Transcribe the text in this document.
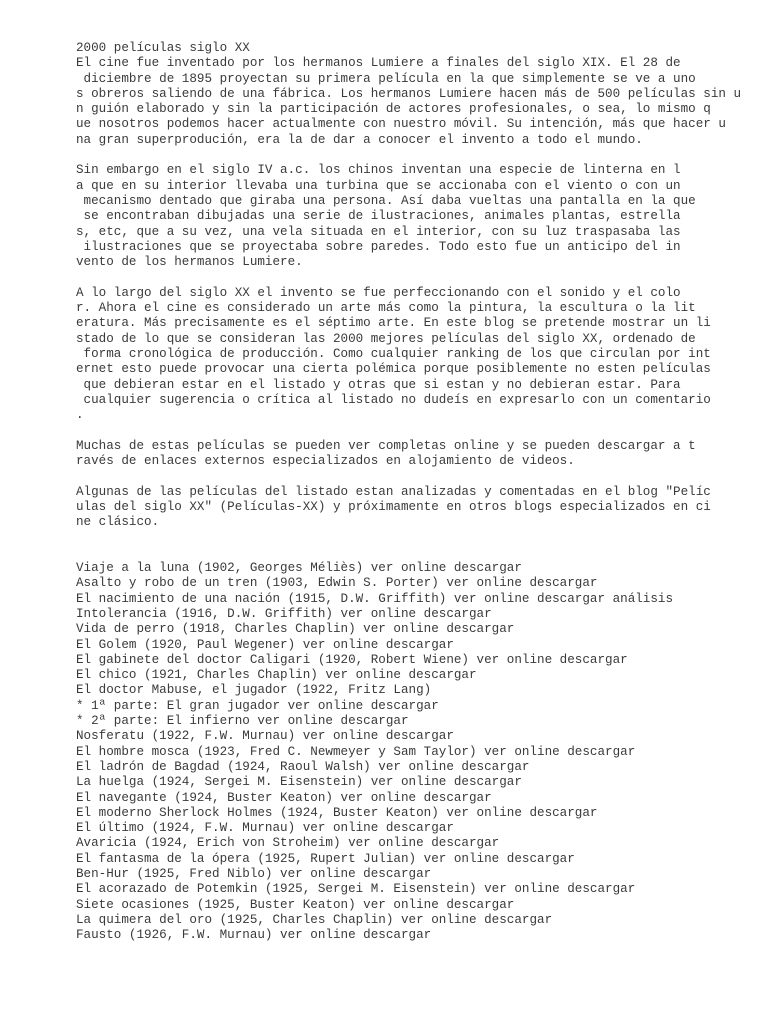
2000 películas siglo XX
El cine fue inventado por los hermanos Lumiere a finales del siglo XIX. El 28 de
diciembre de 1895 proyectan su primera película en la que simplemente se ve a uno
s obreros saliendo de una fábrica. Los hermanos Lumiere hacen más de 500 películas sin u
n guión elaborado y sin la participación de actores profesionales, o sea, lo mismo q
ue nosotros podemos hacer actualmente con nuestro móvil. Su intención, más que hacer u
na gran superprodución, era la de dar a conocer el invento a todo el mundo.
Sin embargo en el siglo IV a.c. los chinos inventan una especie de linterna en l
a que en su interior llevaba una turbina que se accionaba con el viento o con un
mecanismo dentado que giraba una persona. Así daba vueltas una pantalla en la que
se encontraban dibujadas una serie de ilustraciones, animales plantas, estrella
s, etc, que a su vez, una vela situada en el interior, con su luz traspasaba las
ilustraciones que se proyectaba sobre paredes. Todo esto fue un anticipo del in
vento de los hermanos Lumiere.
A lo largo del siglo XX el invento se fue perfeccionando con el sonido y el colo
r. Ahora el cine es considerado un arte más como la pintura, la escultura o la lit
eratura. Más precisamente es el séptimo arte. En este blog se pretende mostrar un li
stado de lo que se consideran las 2000 mejores películas del siglo XX, ordenado de
forma cronológica de producción. Como cualquier ranking de los que circulan por int
ernet esto puede provocar una cierta polémica porque posiblemente no esten películas
que debieran estar en el listado y otras que si estan y no debieran estar. Para
cualquier sugerencia o crítica al listado no dudeís en expresarlo con un comentario
.
Muchas de estas películas se pueden ver completas online y se pueden descargar a t
ravés de enlaces externos especializados en alojamiento de videos.
Algunas de las películas del listado estan analizadas y comentadas en el blog "Pelíc
ulas del siglo XX" (Películas-XX) y próximamente en otros blogs especializados en ci
ne clásico.
Viaje a la luna (1902, Georges Méliès) ver online descargar
Asalto y robo de un tren (1903, Edwin S. Porter) ver online descargar
El nacimiento de una nación (1915, D.W. Griffith) ver online descargar análisis
Intolerancia (1916, D.W. Griffith) ver online descargar
Vida de perro (1918, Charles Chaplin) ver online descargar
El Golem (1920, Paul Wegener) ver online descargar
El gabinete del doctor Caligari (1920, Robert Wiene) ver online descargar
El chico (1921, Charles Chaplin) ver online descargar
El doctor Mabuse, el jugador (1922, Fritz Lang)
* 1ª parte: El gran jugador ver online descargar
* 2ª parte: El infierno ver online descargar
Nosferatu (1922, F.W. Murnau) ver online descargar
El hombre mosca (1923, Fred C. Newmeyer y Sam Taylor) ver online descargar
El ladrón de Bagdad (1924, Raoul Walsh) ver online descargar
La huelga (1924, Sergei M. Eisenstein) ver online descargar
El navegante (1924, Buster Keaton) ver online descargar
El moderno Sherlock Holmes (1924, Buster Keaton) ver online descargar
El último (1924, F.W. Murnau) ver online descargar
Avaricia (1924, Erich von Stroheim) ver online descargar
El fantasma de la ópera (1925, Rupert Julian) ver online descargar
Ben-Hur (1925, Fred Niblo) ver online descargar
El acorazado de Potemkin (1925, Sergei M. Eisenstein) ver online descargar
Siete ocasiones (1925, Buster Keaton) ver online descargar
La quimera del oro (1925, Charles Chaplin) ver online descargar
Fausto (1926, F.W. Murnau) ver online descargar
